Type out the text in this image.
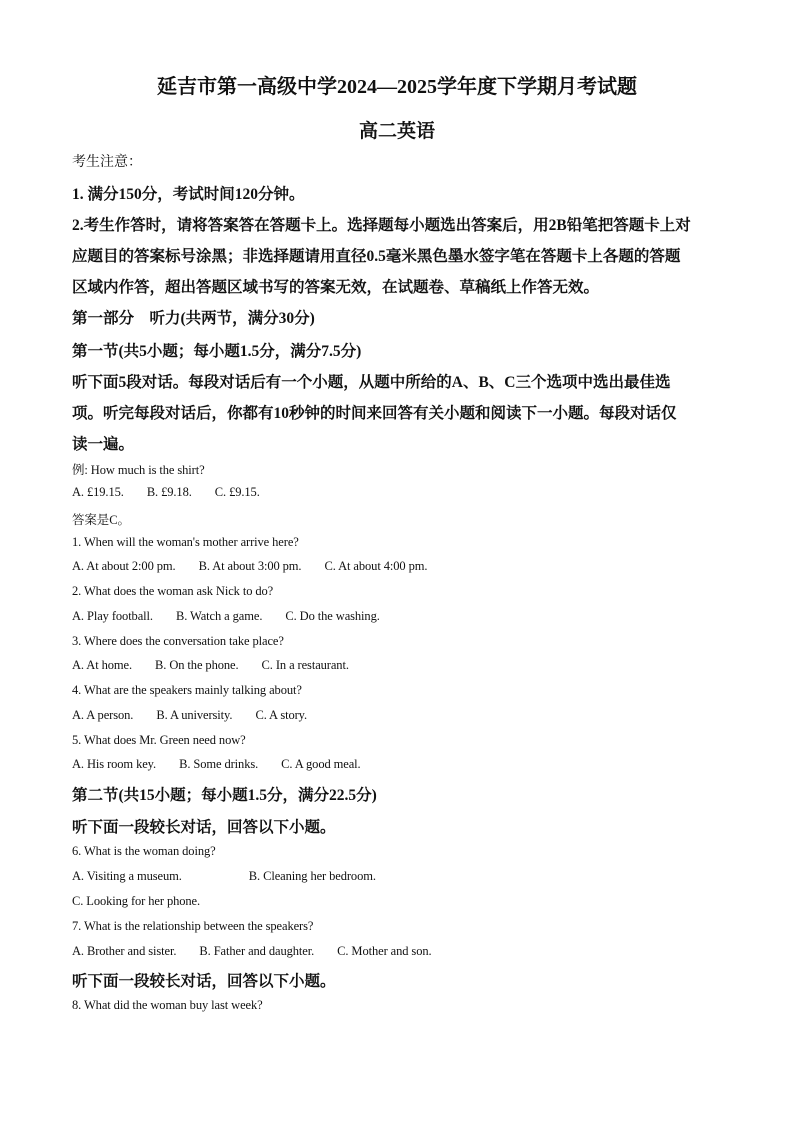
延吉市第一高级中学2024—2025学年度下学期月考试题
高二英语
考生注意：
1. 满分150分，考试时间120分钟。
2.考生作答时，请将答案答在答题卡上。选择题每小题选出答案后，用2B铅笔把答题卡上对
应题目的答案标号涂黑；非选择题请用直径0.5毫米黑色墨水签字笔在答题卡上各题的答题
区域内作答，超出答题区域书写的答案无效，在试题卷、草稿纸上作答无效。
第一部分　听力(共两节，满分30分)
第一节(共5小题；每小题1.5分，满分7.5分)
听下面5段对话。每段对话后有一个小题，从题中所给的A、B、C三个选项中选出最佳选
项。听完每段对话后，你都有10秒钟的时间来回答有关小题和阅读下一小题。每段对话仅
读一遍。
例: How much is the shirt?
A. £19.15. B. £9.18. C. £9.15.
答案是C。
1. When will the woman's mother arrive here?
A. At about 2:00 pm. B. At about 3:00 pm. C. At about 4:00 pm.
2. What does the woman ask Nick to do?
A. Play football. B. Watch a game. C. Do the washing.
3. Where does the conversation take place?
A. At home. B. On the phone. C. In a restaurant.
4. What are the speakers mainly talking about?
A. A person. B. A university. C. A story.
5. What does Mr. Green need now?
A. His room key. B. Some drinks. C. A good meal.
第二节(共15小题；每小题1.5分，满分22.5分)
听下面一段较长对话，回答以下小题。
6. What is the woman doing?
A. Visiting a museum.	B. Cleaning her bedroom.
C. Looking for her phone.
7. What is the relationship between the speakers?
A. Brother and sister. B. Father and daughter. C. Mother and son.
听下面一段较长对话，回答以下小题。
8. What did the woman buy last week?
